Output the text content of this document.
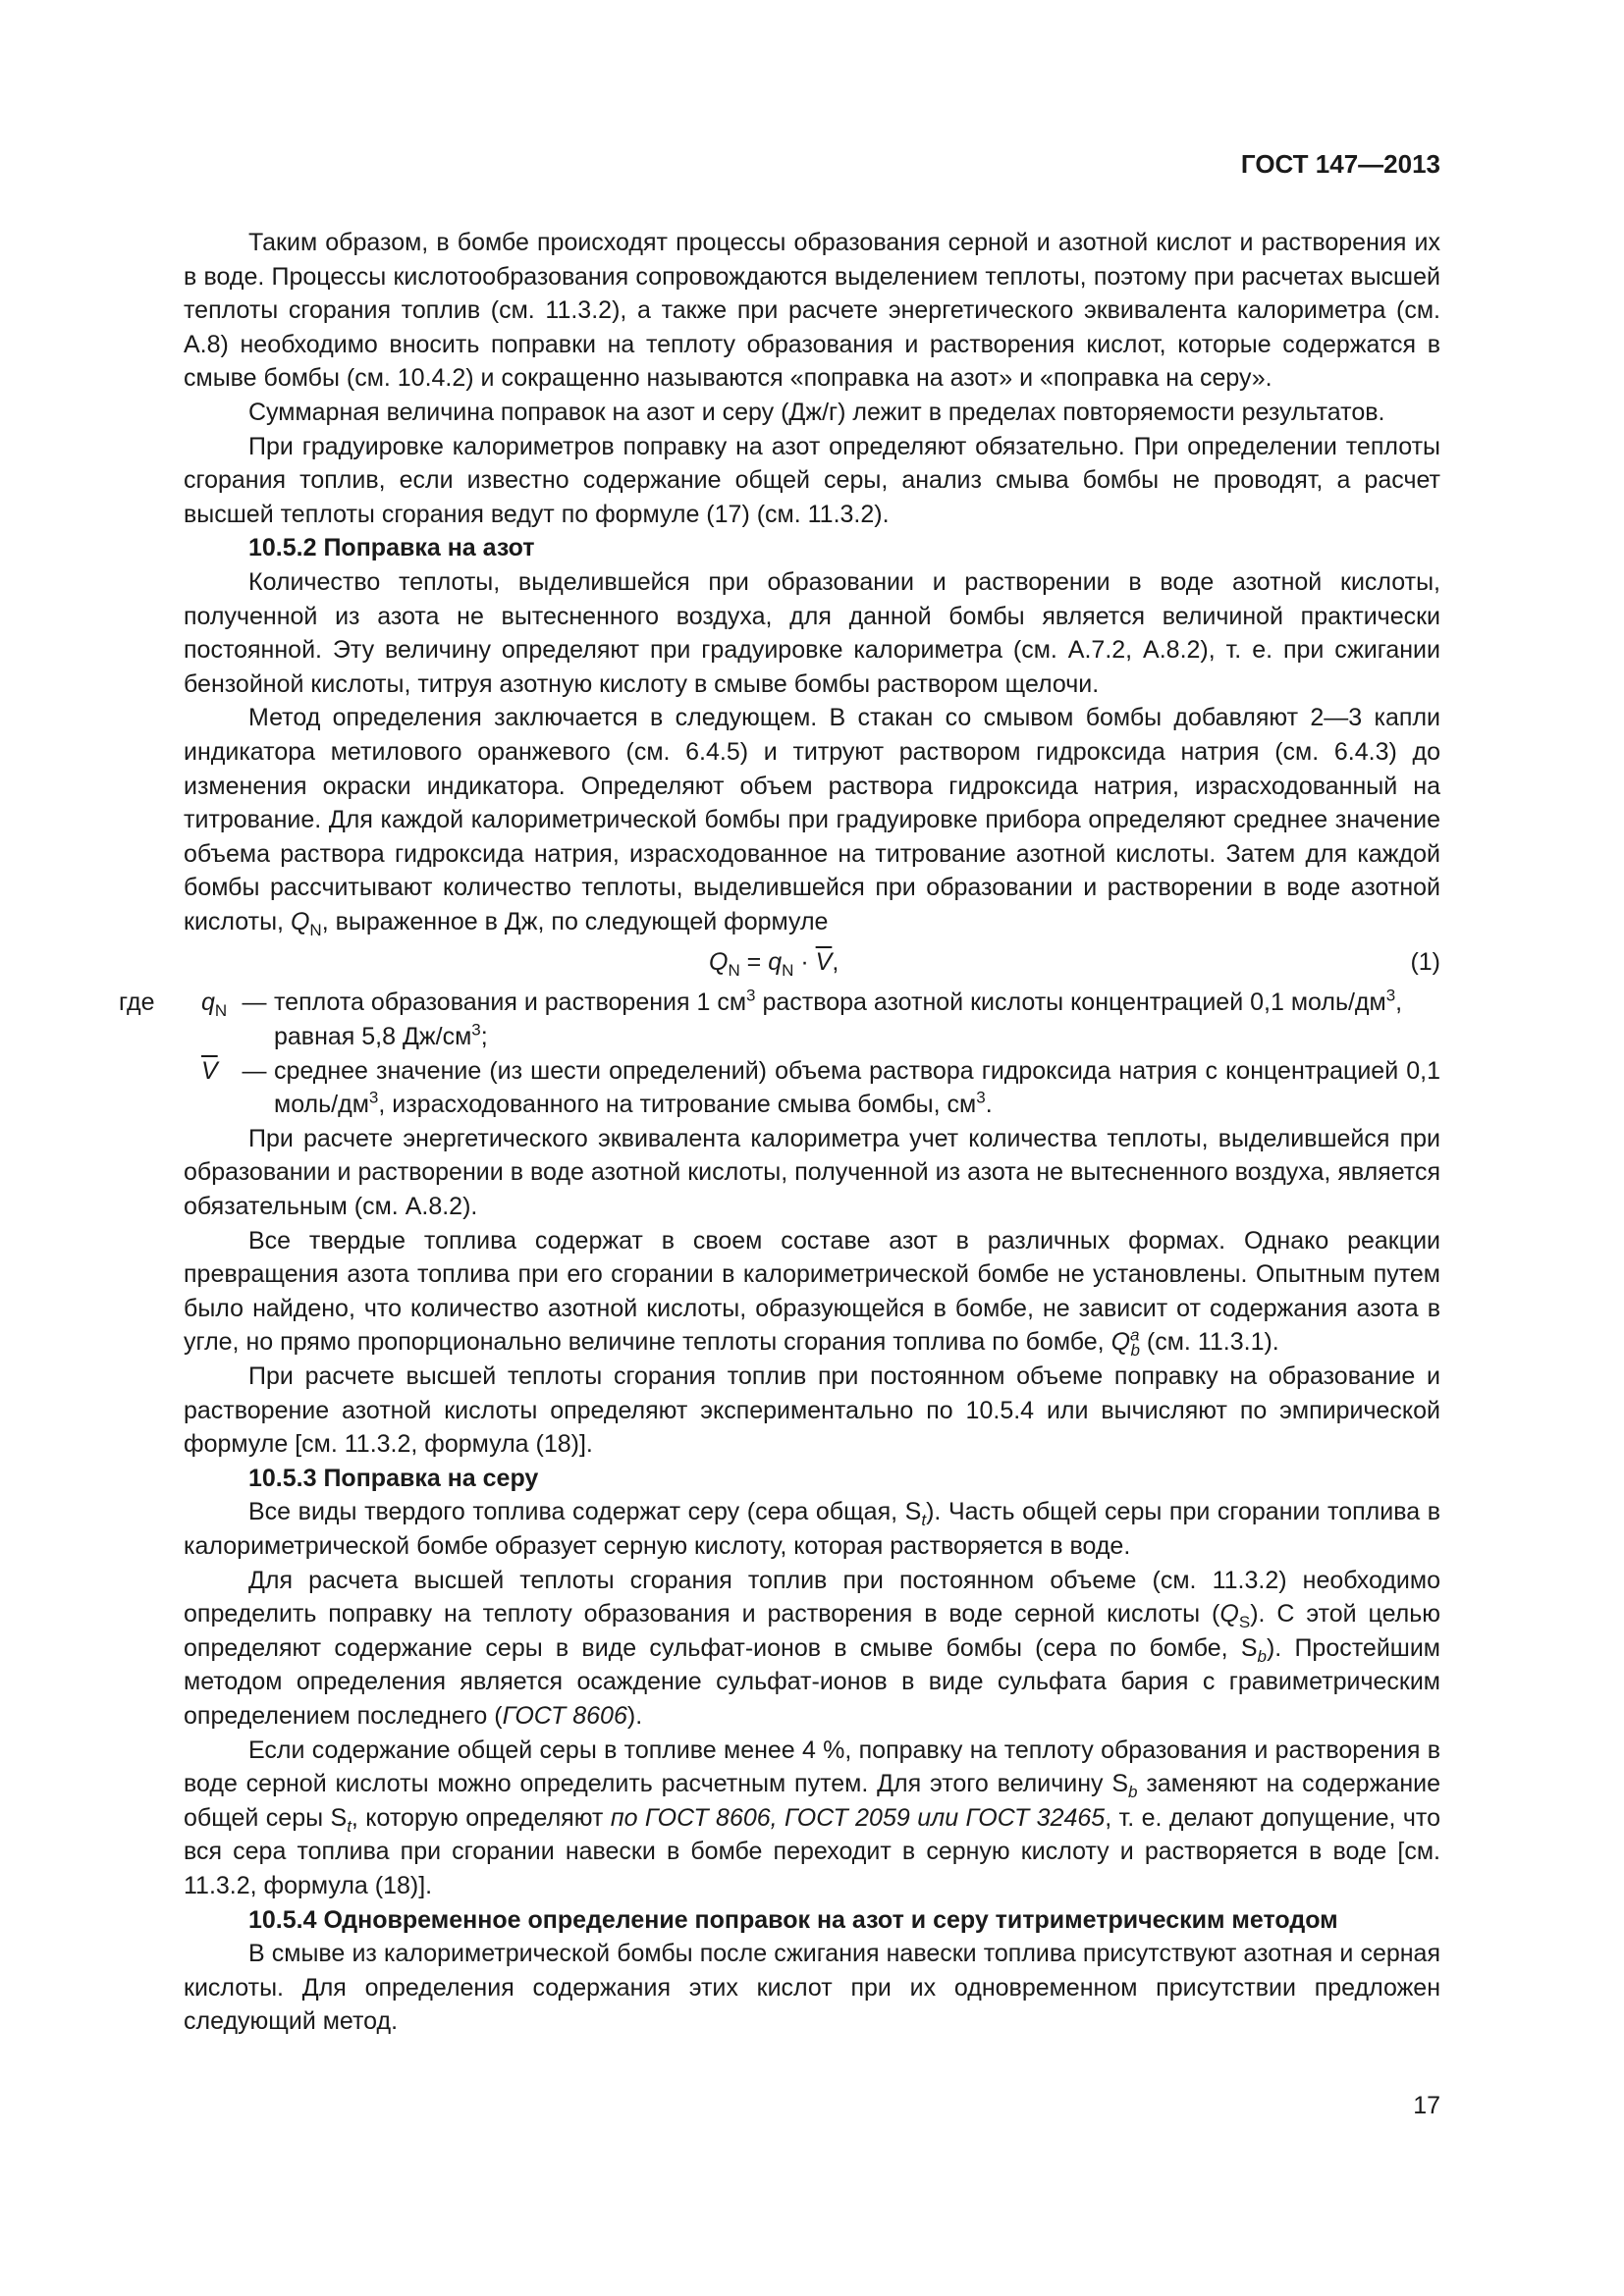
ГОСТ 147—2013

Таким образом, в бомбе происходят процессы образования серной и азотной кислот и растворения их в воде. Процессы кислотообразования сопровождаются выделением теплоты, поэтому при расчетах высшей теплоты сгорания топлив (см. 11.3.2), а также при расчете энергетического эквивалента калориметра (см. А.8) необходимо вносить поправки на теплоту образования и растворения кислот, которые содержатся в смыве бомбы (см. 10.4.2) и сокращенно называются «поправка на азот» и «поправка на серу».

Суммарная величина поправок на азот и серу (Дж/г) лежит в пределах повторяемости результатов.

При градуировке калориметров поправку на азот определяют обязательно. При определении теплоты сгорания топлив, если известно содержание общей серы, анализ смыва бомбы не проводят, а расчет высшей теплоты сгорания ведут по формуле (17) (см. 11.3.2).

10.5.2 Поправка на азот

Количество теплоты, выделившейся при образовании и растворении в воде азотной кислоты, полученной из азота не вытесненного воздуха, для данной бомбы является величиной практически постоянной. Эту величину определяют при градуировке калориметра (см. А.7.2, А.8.2), т. е. при сжигании бензойной кислоты, титруя азотную кислоту в смыве бомбы раствором щелочи.

Метод определения заключается в следующем. В стакан со смывом бомбы добавляют 2—3 капли индикатора метилового оранжевого (см. 6.4.5) и титруют раствором гидроксида натрия (см. 6.4.3) до изменения окраски индикатора. Определяют объем раствора гидроксида натрия, израсходованный на титрование. Для каждой калориметрической бомбы при градуировке прибора определяют среднее значение объема раствора гидроксида натрия, израсходованное на титрование азотной кислоты. Затем для каждой бомбы рассчитывают количество теплоты, выделившейся при образовании и растворении в воде азотной кислоты, $Q_N$, выраженное в Дж, по следующей формуле

$Q_N = q_N \cdot \overline{V}$,	(1)
где	$q_N$ — теплота образования и растворения 1 $см^3$ раствора азотной кислоты концентрацией 0,1 моль/$дм^3$,
равная 5,8 $Дж/см^3$;
$\overline{V}$ — среднее значение (из шести определений) объема раствора гидроксида натрия с концентрацией 0,1 моль/$дм^3$, израсходованного на титрование смыва бомбы, $см^3$.

При расчете энергетического эквивалента калориметра учет количества теплоты, выделившейся при образовании и растворении в воде азотной кислоты, полученной из азота не вытесненного воздуха, является обязательным (см. А.8.2).

Все твердые топлива содержат в своем составе азот в различных формах. Однако реакции превращения азота топлива при его сгорании в калориметрической бомбе не установлены. Опытным путем было найдено, что количество азотной кислоты, образующейся в бомбе, не зависит от содержания азота в угле, но прямо пропорционально величине теплоты сгорания топлива по бомбе, $Q^a_b$ (см. 11.3.1).

При расчете высшей теплоты сгорания топлив при постоянном объеме поправку на образование и растворение азотной кислоты определяют экспериментально по 10.5.4 или вычисляют по эмпирической формуле [см. 11.3.2, формула (18)].

10.5.3 Поправка на серу

Все виды твердого топлива содержат серу (сера общая, $S_t$). Часть общей серы при сгорании топлива в калориметрической бомбе образует серную кислоту, которая растворяется в воде.

Для расчета высшей теплоты сгорания топлив при постоянном объеме (см. 11.3.2) необходимо определить поправку на теплоту образования и растворения в воде серной кислоты $(Q_S)$. С этой целью определяют содержание серы в виде сульфат-ионов в смыве бомбы (сера по бомбе, $S_b$). Простейшим методом определения является осаждение сульфат-ионов в виде сульфата бария с гравиметрическим определением последнего (ГОСТ 8606).

Если содержание общей серы в топливе менее 4 %, поправку на теплоту образования и растворения в воде серной кислоты можно определить расчетным путем. Для этого величину $S_b$ заменяют на содержание общей серы $S_t$, которую определяют по ГОСТ 8606, ГОСТ 2059 или ГОСТ 32465, т. е. делают допущение, что вся сера топлива при сгорании навески в бомбе переходит в серную кислоту и растворяется в воде [см. 11.3.2, формула (18)].

10.5.4 Одновременное определение поправок на азот и серу титриметрическим методом

В смыве из калориметрической бомбы после сжигания навески топлива присутствуют азотная и серная кислоты. Для определения содержания этих кислот при их одновременном присутствии предложен следующий метод.

17
